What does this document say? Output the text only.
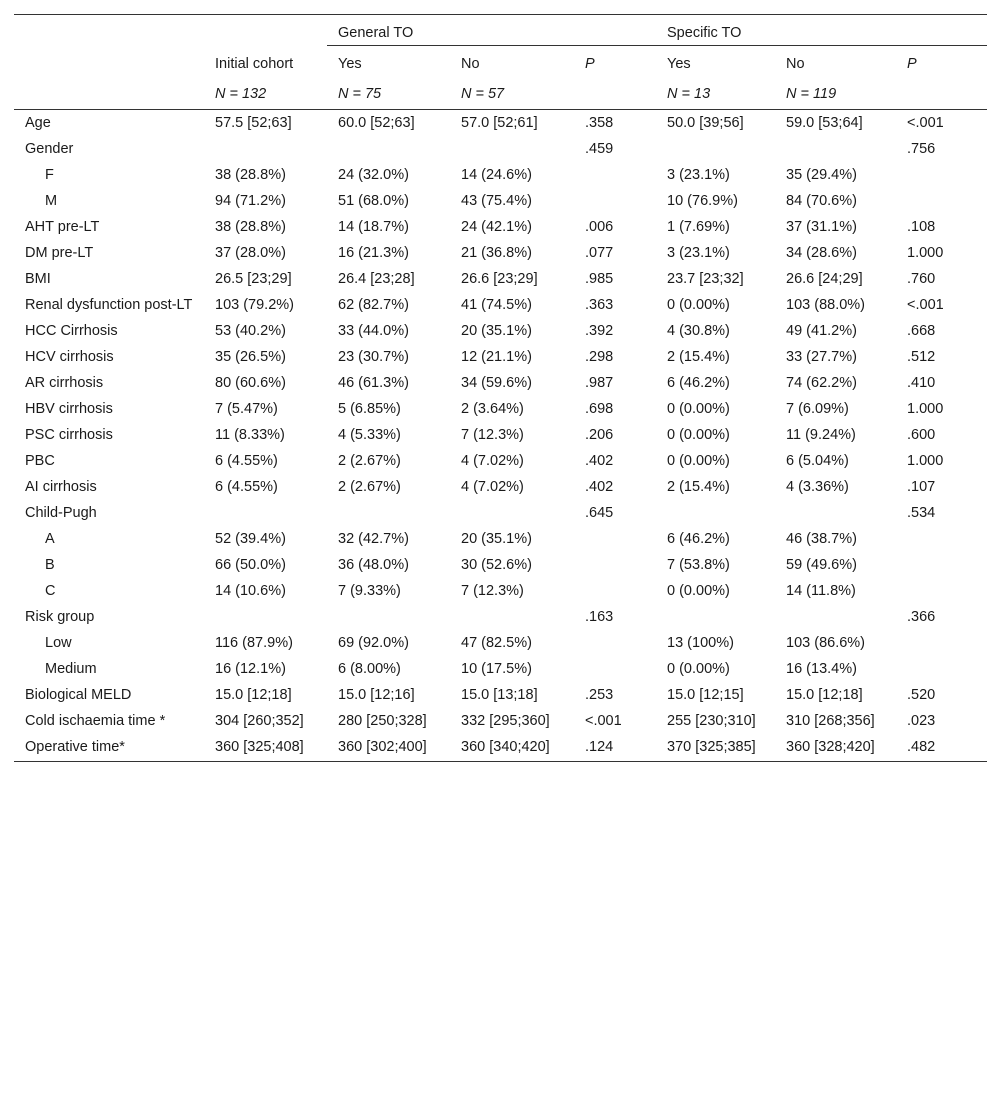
		General TO			Specific TO		
	Initial cohort	Yes	No	P	Yes	No	P
	N = 132	N = 75	N = 57		N = 13	N = 119	
Age	57.5 [52;63]	60.0 [52;63]	57.0 [52;61]	.358	50.0 [39;56]	59.0 [53;64]	<.001
Gender				.459			.756
F	38 (28.8%)	24 (32.0%)	14 (24.6%)		3 (23.1%)	35 (29.4%)	
M	94 (71.2%)	51 (68.0%)	43 (75.4%)		10 (76.9%)	84 (70.6%)	
AHT pre-LT	38 (28.8%)	14 (18.7%)	24 (42.1%)	.006	1 (7.69%)	37 (31.1%)	.108
DM pre-LT	37 (28.0%)	16 (21.3%)	21 (36.8%)	.077	3 (23.1%)	34 (28.6%)	1.000
BMI	26.5 [23;29]	26.4 [23;28]	26.6 [23;29]	.985	23.7 [23;32]	26.6 [24;29]	.760
Renal dysfunction post-LT	103 (79.2%)	62 (82.7%)	41 (74.5%)	.363	0 (0.00%)	103 (88.0%)	<.001
HCC Cirrhosis	53 (40.2%)	33 (44.0%)	20 (35.1%)	.392	4 (30.8%)	49 (41.2%)	.668
HCV cirrhosis	35 (26.5%)	23 (30.7%)	12 (21.1%)	.298	2 (15.4%)	33 (27.7%)	.512
AR cirrhosis	80 (60.6%)	46 (61.3%)	34 (59.6%)	.987	6 (46.2%)	74 (62.2%)	.410
HBV cirrhosis	7 (5.47%)	5 (6.85%)	2 (3.64%)	.698	0 (0.00%)	7 (6.09%)	1.000
PSC cirrhosis	11 (8.33%)	4 (5.33%)	7 (12.3%)	.206	0 (0.00%)	11 (9.24%)	.600
PBC	6 (4.55%)	2 (2.67%)	4 (7.02%)	.402	0 (0.00%)	6 (5.04%)	1.000
AI cirrhosis	6 (4.55%)	2 (2.67%)	4 (7.02%)	.402	2 (15.4%)	4 (3.36%)	.107
Child-Pugh				.645			.534
A	52 (39.4%)	32 (42.7%)	20 (35.1%)		6 (46.2%)	46 (38.7%)	
B	66 (50.0%)	36 (48.0%)	30 (52.6%)		7 (53.8%)	59 (49.6%)	
C	14 (10.6%)	7 (9.33%)	7 (12.3%)		0 (0.00%)	14 (11.8%)	
Risk group				.163			.366
Low	116 (87.9%)	69 (92.0%)	47 (82.5%)		13 (100%)	103 (86.6%)	
Medium	16 (12.1%)	6 (8.00%)	10 (17.5%)		0 (0.00%)	16 (13.4%)	
Biological MELD	15.0 [12;18]	15.0 [12;16]	15.0 [13;18]	.253	15.0 [12;15]	15.0 [12;18]	.520
Cold ischaemia time *	304 [260;352]	280 [250;328]	332 [295;360]	<.001	255 [230;310]	310 [268;356]	.023
Operative time*	360 [325;408]	360 [302;400]	360 [340;420]	.124	370 [325;385]	360 [328;420]	.482
